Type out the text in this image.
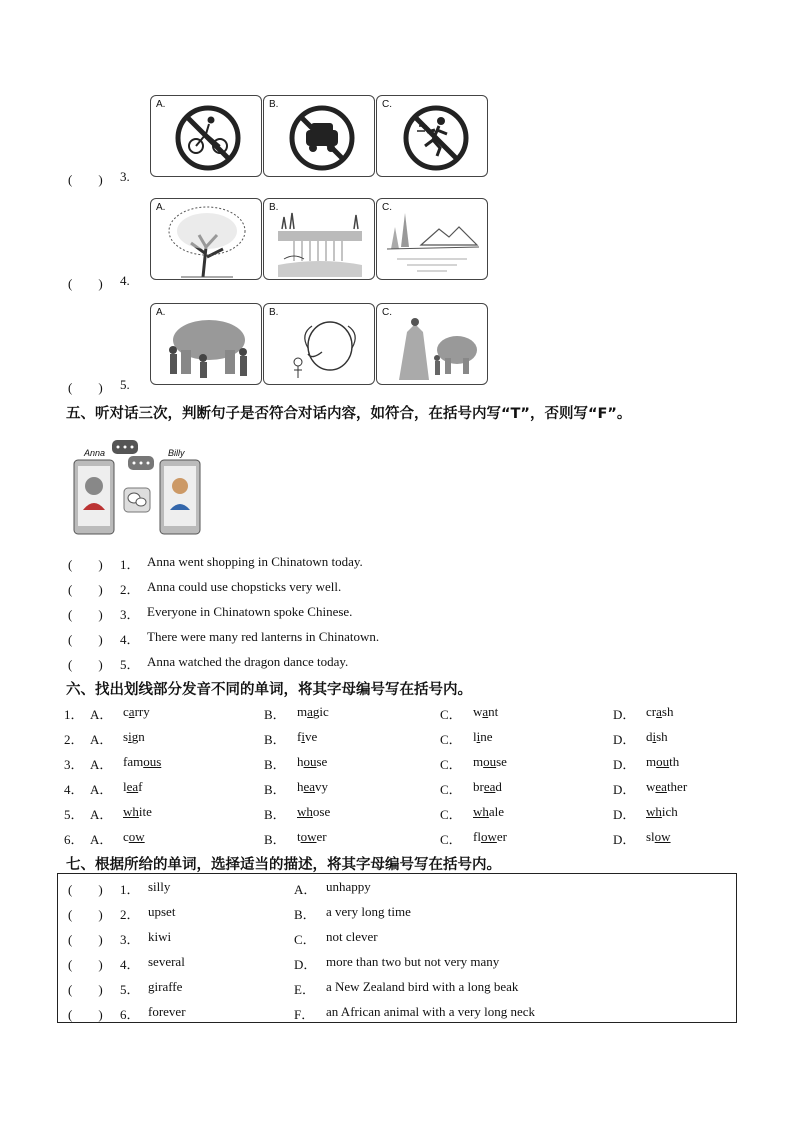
A.	B.	C.
(　　) 3.
A.	B.	C.
(　　) 4.
A.	B.	C.
(　　) 5.
五、听对话三次，判断句子是否符合对话内容，如符合，在括号内写“T”，否则写“F”。
Anna	Billy
(　　) 1． Anna went shopping in Chinatown today.
(　　) 2． Anna could use chopsticks very well.
(　　) 3． Everyone in Chinatown spoke Chinese.
(　　) 4． There were many red lanterns in Chinatown.
(　　) 5． Anna watched the dragon dance today.
六、找出划线部分发音不同的单词，将其字母编号写在括号内。
1． A． carry	B． magic	C． want	D． crash
2． A． sign	B． five	C． line	D． dish
3． A． famous	B． house	C． mouse	D． mouth
4． A． leaf	B． heavy	C． bread	D． weather
5． A． white	B． whose	C． whale	D． which
6． A． cow	B． tower	C． flower	D． slow
七、根据所给的单词，选择适当的描述，将其字母编号写在括号内。
(　　) 1． silly	A． unhappy
(　　) 2． upset	B． a very long time
(　　) 3． kiwi	C． not clever
(　　) 4． several	D． more than two but not very many
(　　) 5． giraffe	E． a New Zealand bird with a long beak
(　　) 6． forever	F． an African animal with a very long neck
